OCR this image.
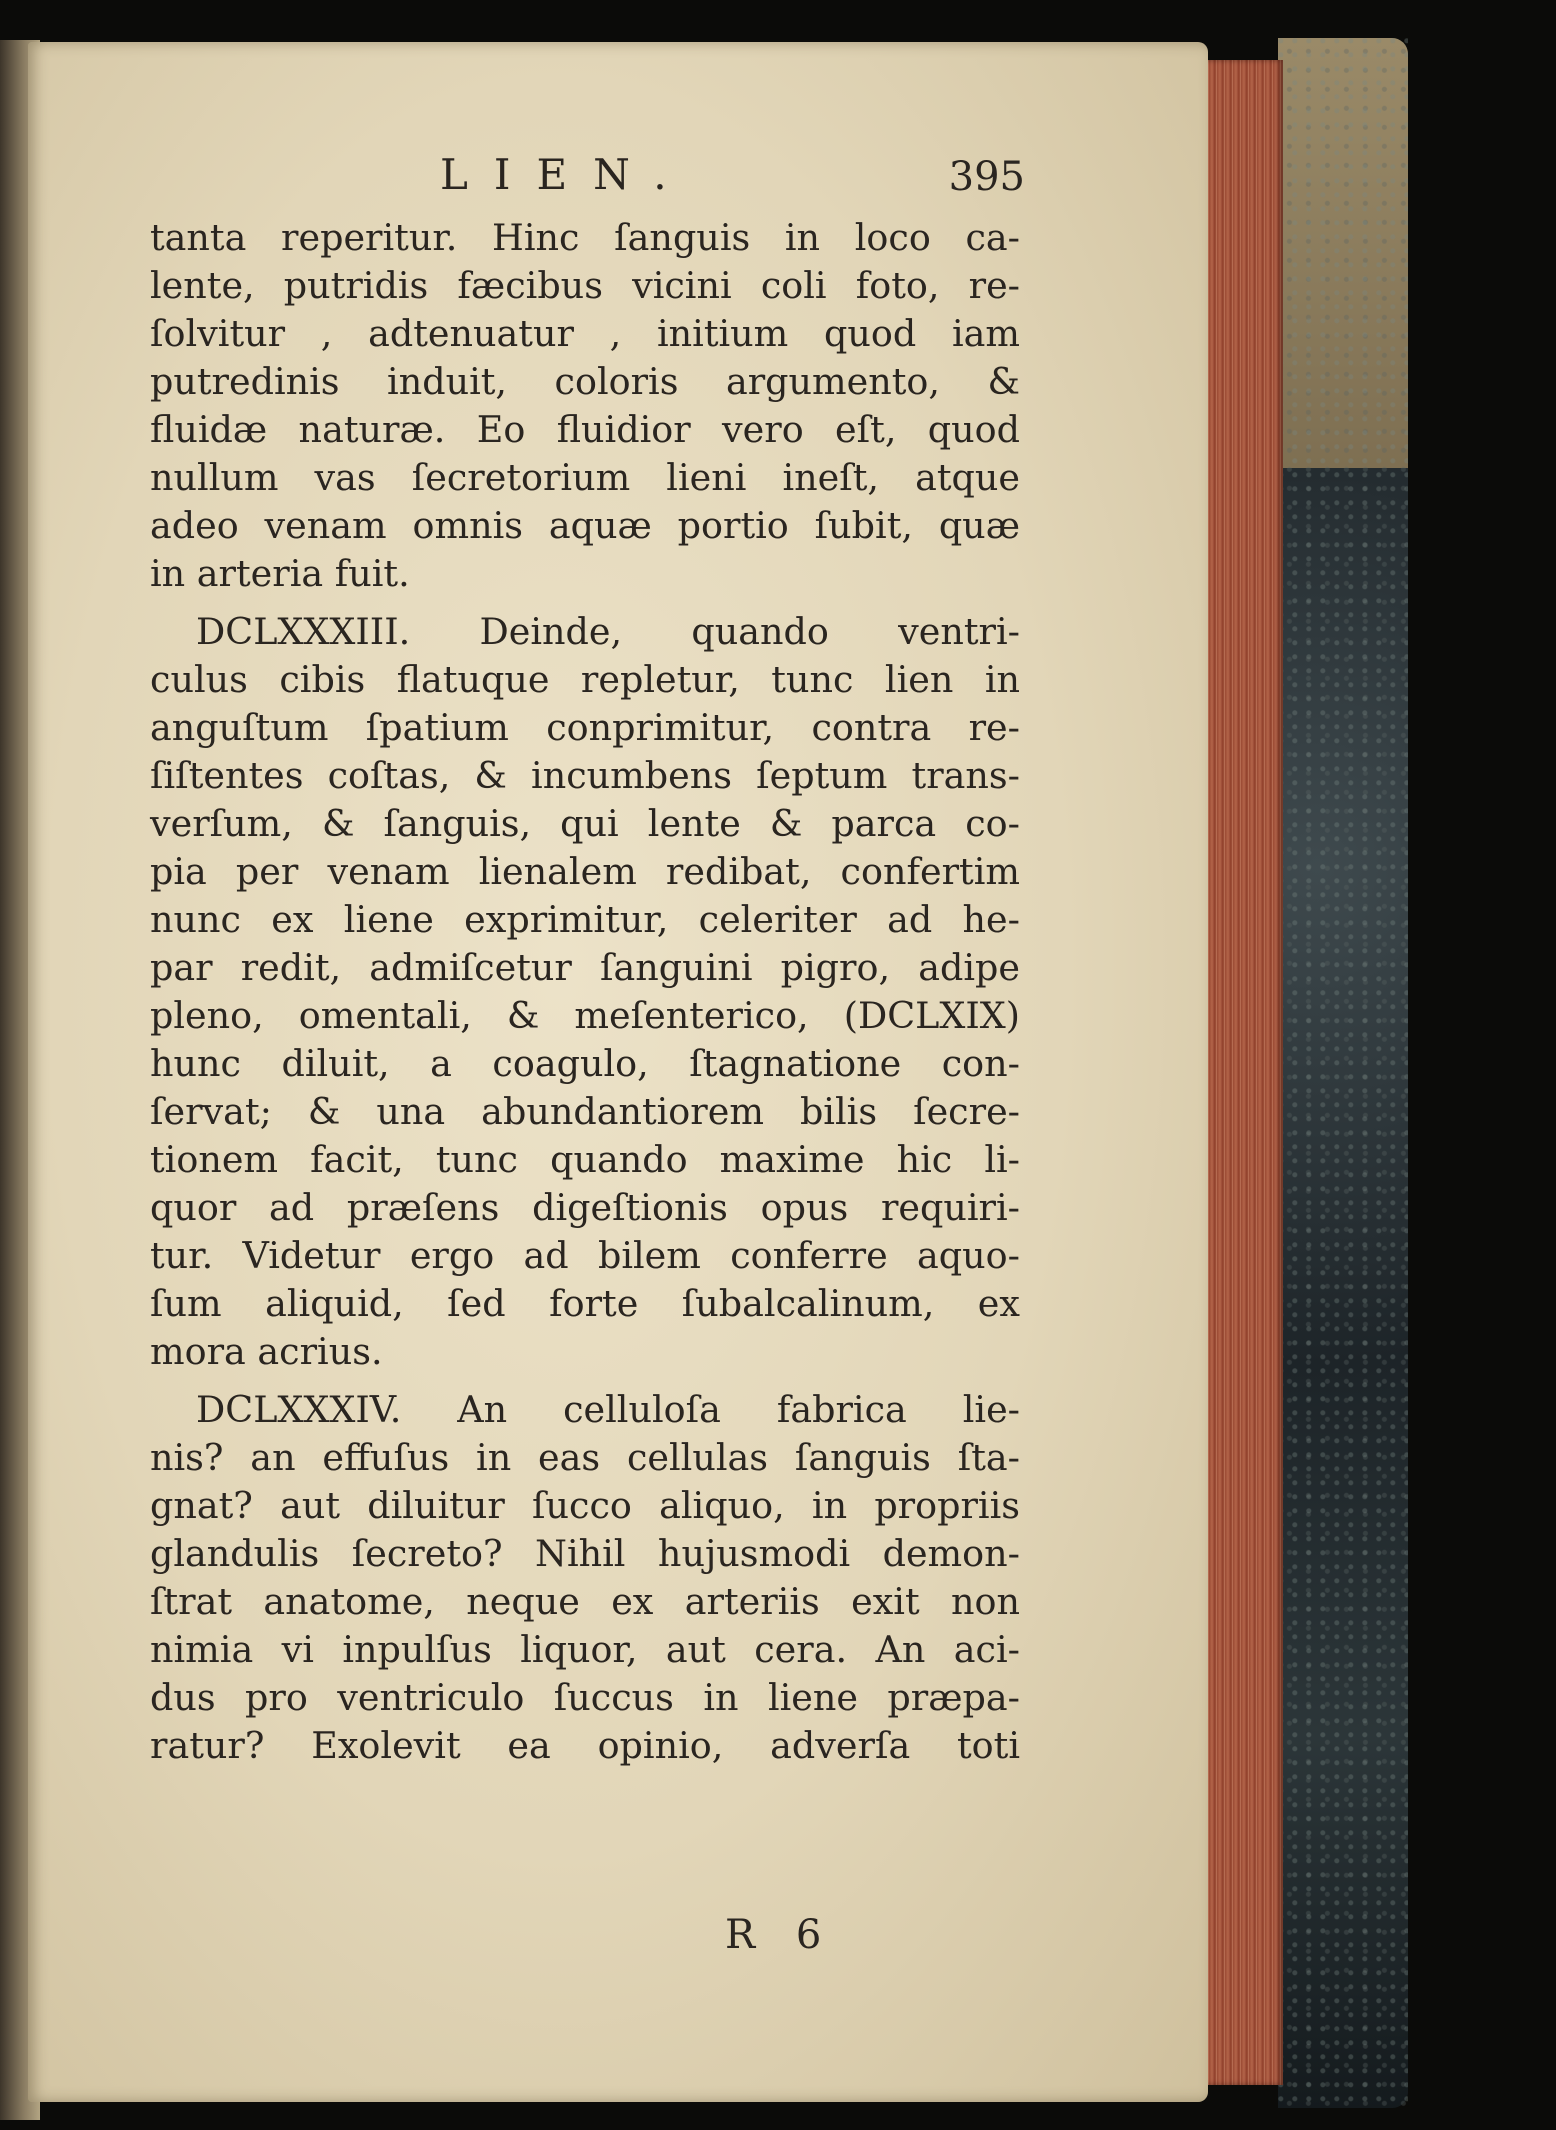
LIEN.	395
tanta reperitur. Hinc ſanguis in loco ca-
lente, putridis fæcibus vicini coli foto, re-
ſolvitur , adtenuatur , initium quod iam
putredinis induit, coloris argumento, &
fluidæ naturæ. Eo fluidior vero eſt, quod
nullum vas ſecretorium lieni ineſt, atque
adeo venam omnis aquæ portio ſubit, quæ
in arteria fuit.
DCLXXXIII. Deinde, quando ventri-
culus cibis flatuque repletur, tunc lien in
anguſtum ſpatium conprimitur, contra re-
ſiſtentes coſtas, & incumbens ſeptum trans-
verſum, & ſanguis, qui lente & parca co-
pia per venam lienalem redibat, confertim
nunc ex liene exprimitur, celeriter ad he-
par redit, admiſcetur ſanguini pigro, adipe
pleno, omentali, & meſenterico, (DCLXIX)
hunc diluit, a coagulo, ſtagnatione con-
ſervat; & una abundantiorem bilis ſecre-
tionem facit, tunc quando maxime hic li-
quor ad præſens digeſtionis opus requiri-
tur. Videtur ergo ad bilem conferre aquo-
ſum aliquid, ſed forte ſubalcalinum, ex
mora acrius.
DCLXXXIV. An celluloſa fabrica lie-
nis? an effuſus in eas cellulas ſanguis ſta-
gnat? aut diluitur ſucco aliquo, in propriis
glandulis ſecreto? Nihil hujusmodi demon-
ſtrat anatome, neque ex arteriis exit non
nimia vi inpulſus liquor, aut cera. An aci-
dus pro ventriculo ſuccus in liene præpa-
ratur? Exolevit ea opinio, adverſa toti
R 6
